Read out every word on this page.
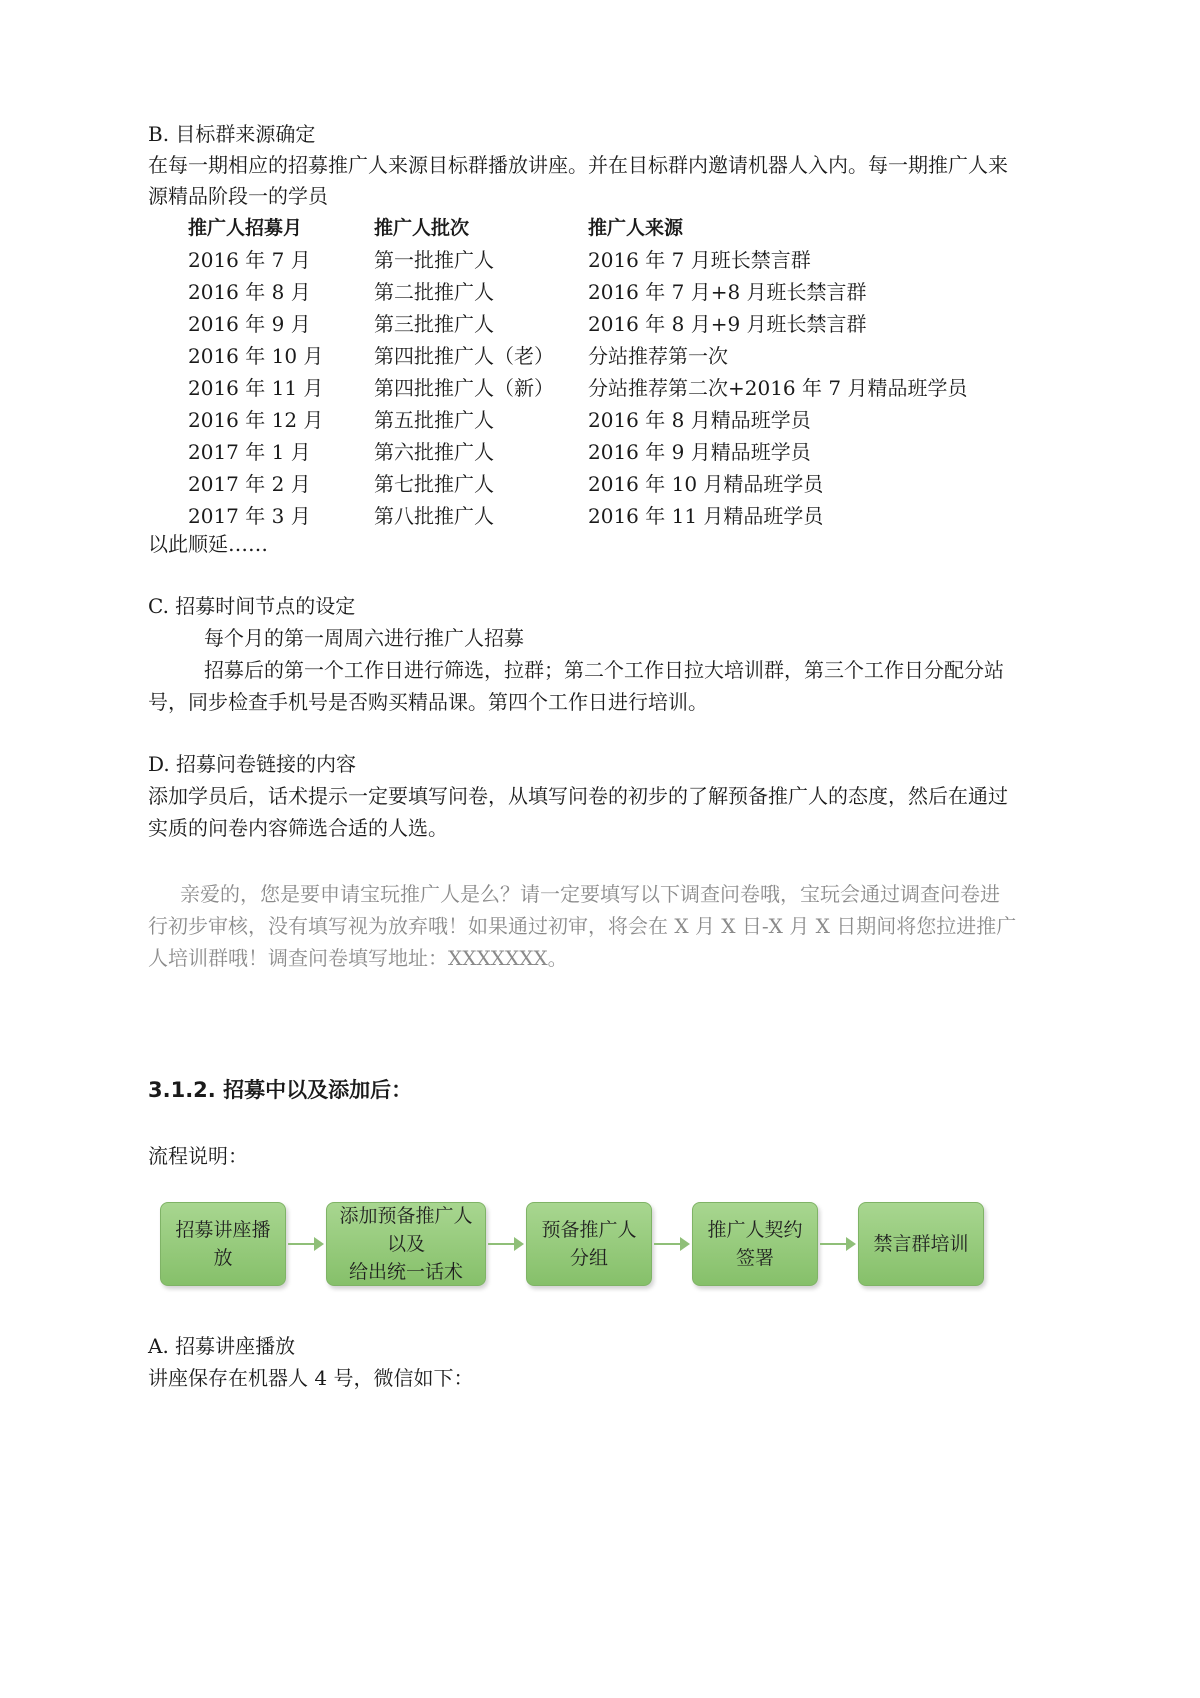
B. 目标群来源确定
在每一期相应的招募推广人来源目标群播放讲座。并在目标群内邀请机器人入内。每一期推广人来
源精品阶段一的学员
推广人招募月	推广人批次	推广人来源
2016 年 7 月	第一批推广人	2016 年 7 月班长禁言群
2016 年 8 月	第二批推广人	2016 年 7 月+8 月班长禁言群
2016 年 9 月	第三批推广人	2016 年 8 月+9 月班长禁言群
2016 年 10 月	第四批推广人（老）	分站推荐第一次
2016 年 11 月	第四批推广人（新）	分站推荐第二次+2016 年 7 月精品班学员
2016 年 12 月	第五批推广人	2016 年 8 月精品班学员
2017 年 1 月	第六批推广人	2016 年 9 月精品班学员
2017 年 2 月	第七批推广人	2016 年 10 月精品班学员
2017 年 3 月	第八批推广人	2016 年 11 月精品班学员
以此顺延……
C. 招募时间节点的设定
每个月的第一周周六进行推广人招募
招募后的第一个工作日进行筛选，拉群；第二个工作日拉大培训群，第三个工作日分配分站
号，同步检查手机号是否购买精品课。第四个工作日进行培训。
D. 招募问卷链接的内容
添加学员后，话术提示一定要填写问卷，从填写问卷的初步的了解预备推广人的态度，然后在通过
实质的问卷内容筛选合适的人选。
亲爱的，您是要申请宝玩推广人是么？请一定要填写以下调查问卷哦，宝玩会通过调查问卷进
行初步审核，没有填写视为放弃哦！如果通过初审，将会在 X 月 X 日-X 月 X 日期间将您拉进推广
人培训群哦！调查问卷填写地址：XXXXXXX。
3.1.2. 招募中以及添加后：
流程说明：
招募讲座播放
添加预备推广人以及
给出统一话术
预备推广人
分组
推广人契约签署
禁言群培训
A. 招募讲座播放
讲座保存在机器人 4 号，微信如下：
